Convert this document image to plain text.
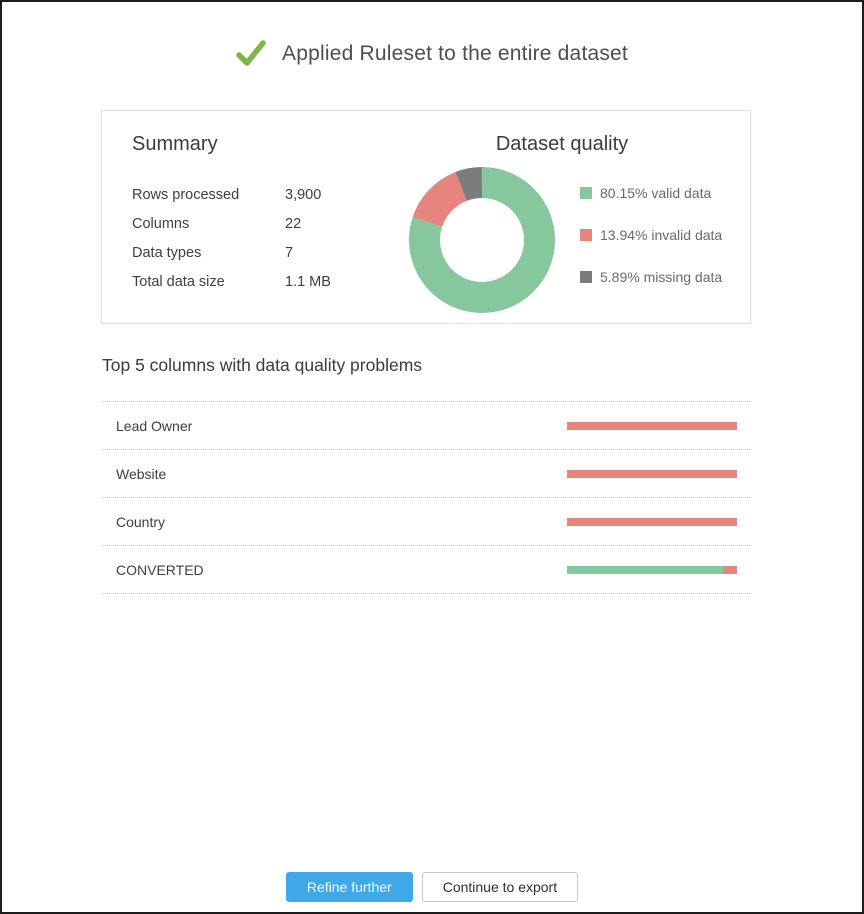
Applied Ruleset to the entire dataset
Summary	Dataset quality
Rows processed	3,900
Columns	22
Data types	7
Total data size	1.1 MB
80.15% valid data
13.94% invalid data
5.89% missing data
Top 5 columns with data quality problems
Lead Owner
Website
Country
CONVERTED
Refine further	Continue to export
